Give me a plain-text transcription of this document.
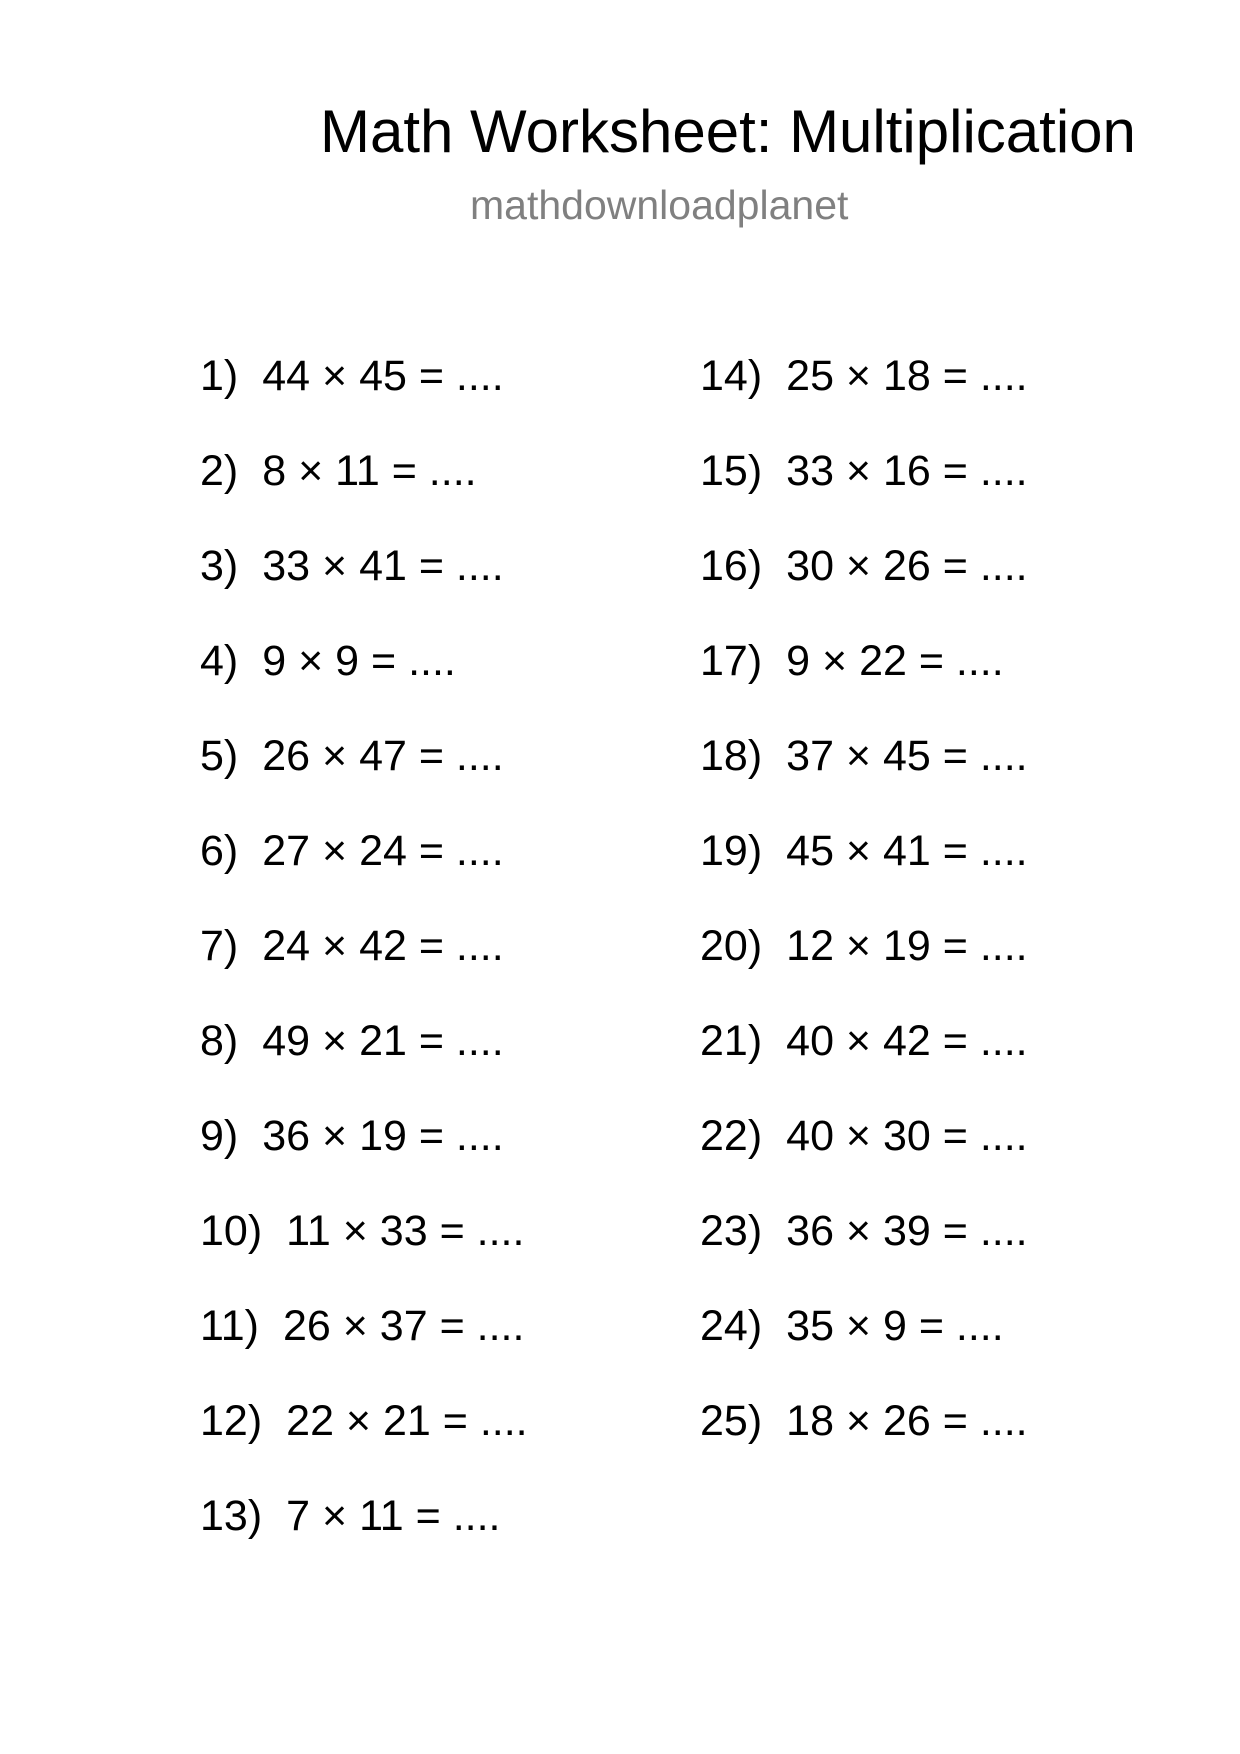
Math Worksheet: Multiplication
mathdownloadplanet
1) 44 × 45 = ....
2) 8 × 11 = ....
3) 33 × 41 = ....
4) 9 × 9 = ....
5) 26 × 47 = ....
6) 27 × 24 = ....
7) 24 × 42 = ....
8) 49 × 21 = ....
9) 36 × 19 = ....
10) 11 × 33 = ....
11) 26 × 37 = ....
12) 22 × 21 = ....
13) 7 × 11 = ....
14) 25 × 18 = ....
15) 33 × 16 = ....
16) 30 × 26 = ....
17) 9 × 22 = ....
18) 37 × 45 = ....
19) 45 × 41 = ....
20) 12 × 19 = ....
21) 40 × 42 = ....
22) 40 × 30 = ....
23) 36 × 39 = ....
24) 35 × 9 = ....
25) 18 × 26 = ....
